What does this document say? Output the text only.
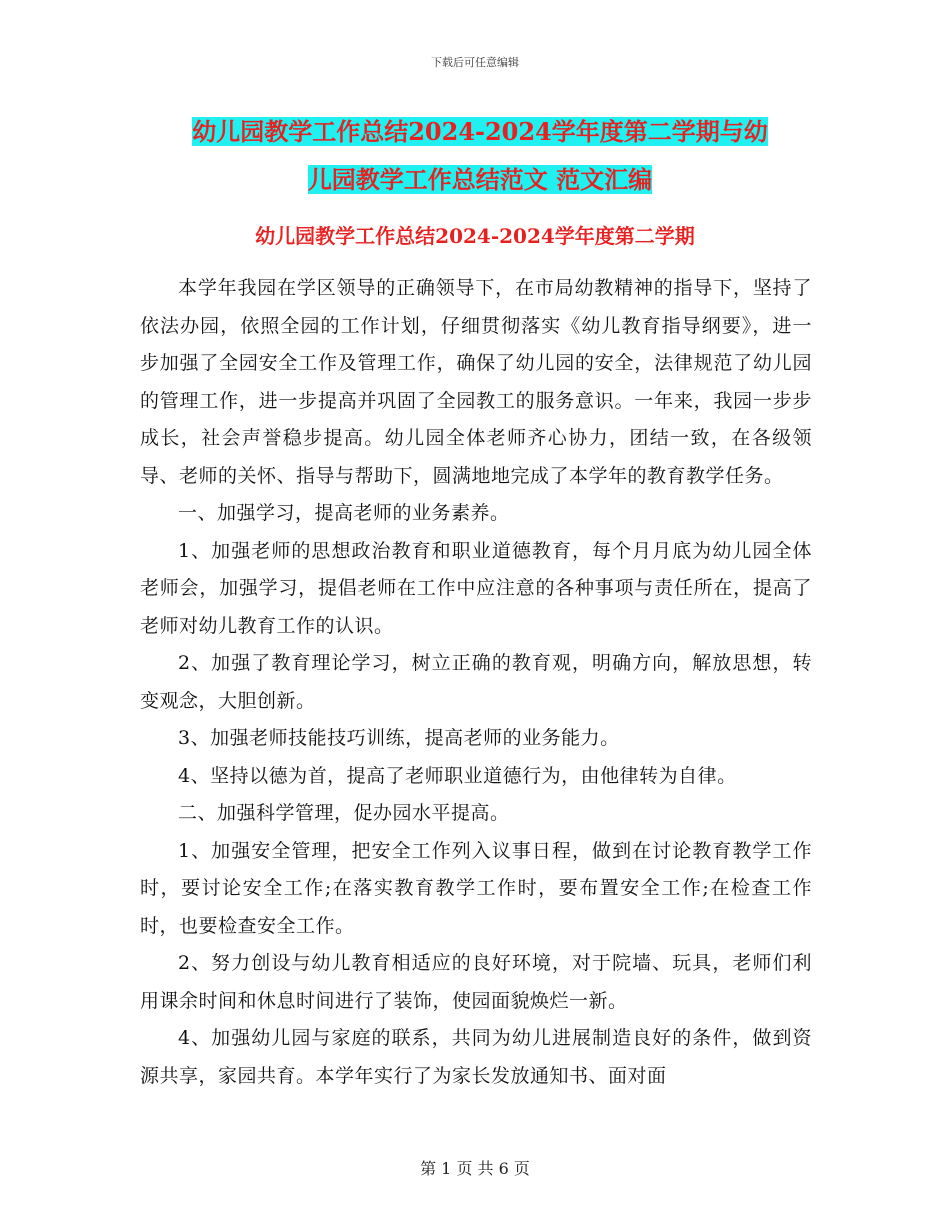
下载后可任意编辑
幼儿园教学工作总结2024-2024学年度第二学期与幼
儿园教学工作总结范文 范文汇编
幼儿园教学工作总结2024-2024学年度第二学期

本学年我园在学区领导的正确领导下，在市局幼教精神的指导下，坚持了依法办园，依照全园的工作计划，仔细贯彻落实《幼儿教育指导纲要》，进一步加强了全园安全工作及管理工作，确保了幼儿园的安全，法律规范了幼儿园的管理工作，进一步提高并巩固了全园教工的服务意识。一年来，我园一步步成长，社会声誉稳步提高。幼儿园全体老师齐心协力，团结一致，在各级领导、老师的关怀、指导与帮助下，圆满地地完成了本学年的教育教学任务。

一、加强学习，提高老师的业务素养。

1、加强老师的思想政治教育和职业道德教育，每个月月底为幼儿园全体老师会，加强学习，提倡老师在工作中应注意的各种事项与责任所在，提高了老师对幼儿教育工作的认识。

2、加强了教育理论学习，树立正确的教育观，明确方向，解放思想，转变观念，大胆创新。

3、加强老师技能技巧训练，提高老师的业务能力。

4、坚持以德为首，提高了老师职业道德行为，由他律转为自律。

二、加强科学管理，促办园水平提高。

1、加强安全管理，把安全工作列入议事日程，做到在讨论教育教学工作时，要讨论安全工作;在落实教育教学工作时，要布置安全工作;在检查工作时，也要检查安全工作。

2、努力创设与幼儿教育相适应的良好环境，对于院墙、玩具，老师们利用课余时间和休息时间进行了装饰，使园面貌焕烂一新。

4、加强幼儿园与家庭的联系，共同为幼儿进展制造良好的条件，做到资源共享，家园共育。本学年实行了为家长发放通知书、面对面

第 1 页 共 6 页
